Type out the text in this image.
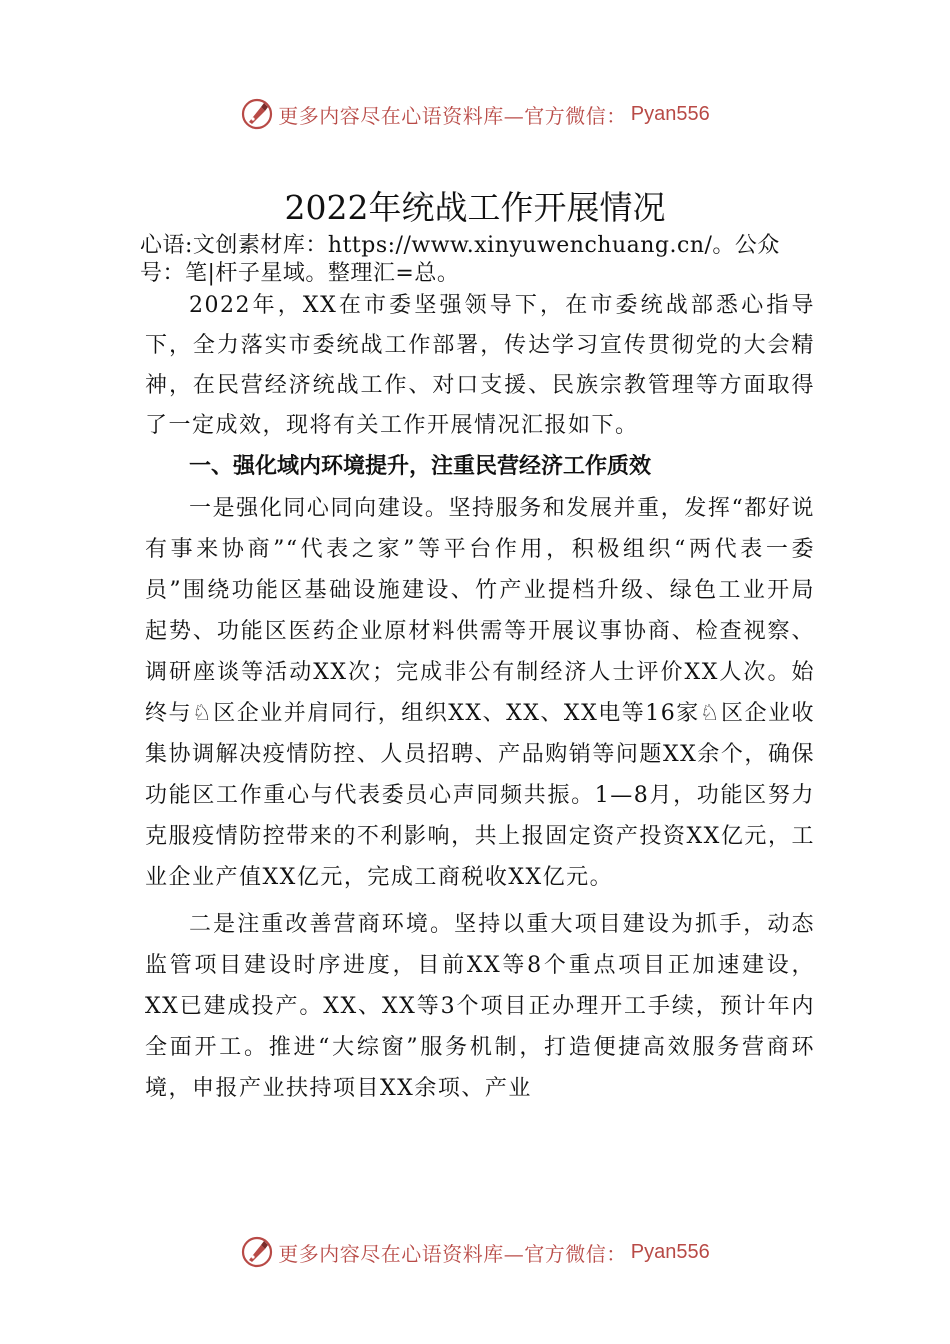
更多内容尽在心语资料库—官方微信： Pyan556
2022年统战工作开展情况

心语:文创素材库：https://www.xinyuwenchuang.cn/。公众号：笔|杆子星域。整理汇=总。

2022年，XX在市委坚强领导下，在市委统战部悉心指导下，全力落实市委统战工作部署，传达学习宣传贯彻党的大会精神，在民营经济统战工作、对口支援、民族宗教管理等方面取得了一定成效，现将有关工作开展情况汇报如下。

一、强化域内环境提升，注重民营经济工作质效

一是强化同心同向建设。坚持服务和发展并重，发挥“都好说有事来协商”“代表之家”等平台作用，积极组织“两代表一委员”围绕功能区基础设施建设、竹产业提档升级、绿色工业开局起势、功能区医药企业原材料供需等开展议事协商、检查视察、调研座谈等活动XX次；完成非公有制经济人士评价XX人次。始终与♘区企业并肩同行，组织XX、XX、XX电等16家♘区企业收集协调解决疫情防控、人员招聘、产品购销等问题XX余个，确保功能区工作重心与代表委员心声同频共振。1—8月，功能区努力克服疫情防控带来的不利影响，共上报固定资产投资XX亿元，工业企业产值XX亿元，完成工商税收XX亿元。

二是注重改善营商环境。坚持以重大项目建设为抓手，动态监管项目建设时序进度，目前XX等8个重点项目正加速建设，XX已建成投产。XX、XX等3个项目正办理开工手续，预计年内全面开工。推进“大综窗”服务机制，打造便捷高效服务营商环境，申报产业扶持项目XX余项、产业

更多内容尽在心语资料库—官方微信： Pyan556
